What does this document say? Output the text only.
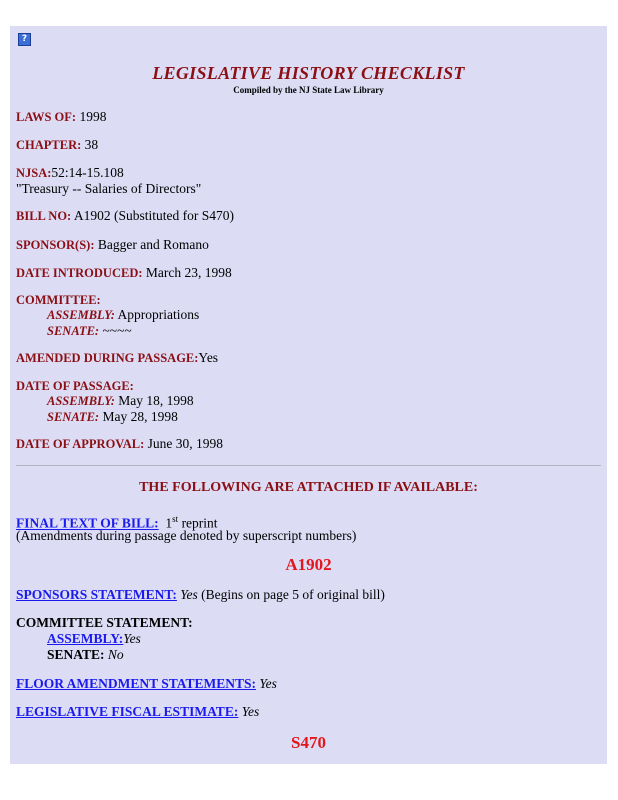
?
LEGISLATIVE HISTORY CHECKLIST
Compiled by the NJ State Law Library
LAWS OF: 1998
CHAPTER: 38
NJSA:52:14-15.108
"Treasury -- Salaries of Directors"
BILL NO: A1902 (Substituted for S470)
SPONSOR(S): Bagger and Romano
DATE INTRODUCED: March 23, 1998
COMMITTEE:
ASSEMBLY: Appropriations
SENATE: ~~~~
AMENDED DURING PASSAGE:Yes
DATE OF PASSAGE:
ASSEMBLY: May 18, 1998
SENATE: May 28, 1998
DATE OF APPROVAL: June 30, 1998
THE FOLLOWING ARE ATTACHED IF AVAILABLE:
FINAL TEXT OF BILL: 1st reprint
(Amendments during passage denoted by superscript numbers)
A1902
SPONSORS STATEMENT: Yes (Begins on page 5 of original bill)
COMMITTEE STATEMENT:
ASSEMBLY:Yes
SENATE: No
FLOOR AMENDMENT STATEMENTS: Yes
LEGISLATIVE FISCAL ESTIMATE: Yes
S470
